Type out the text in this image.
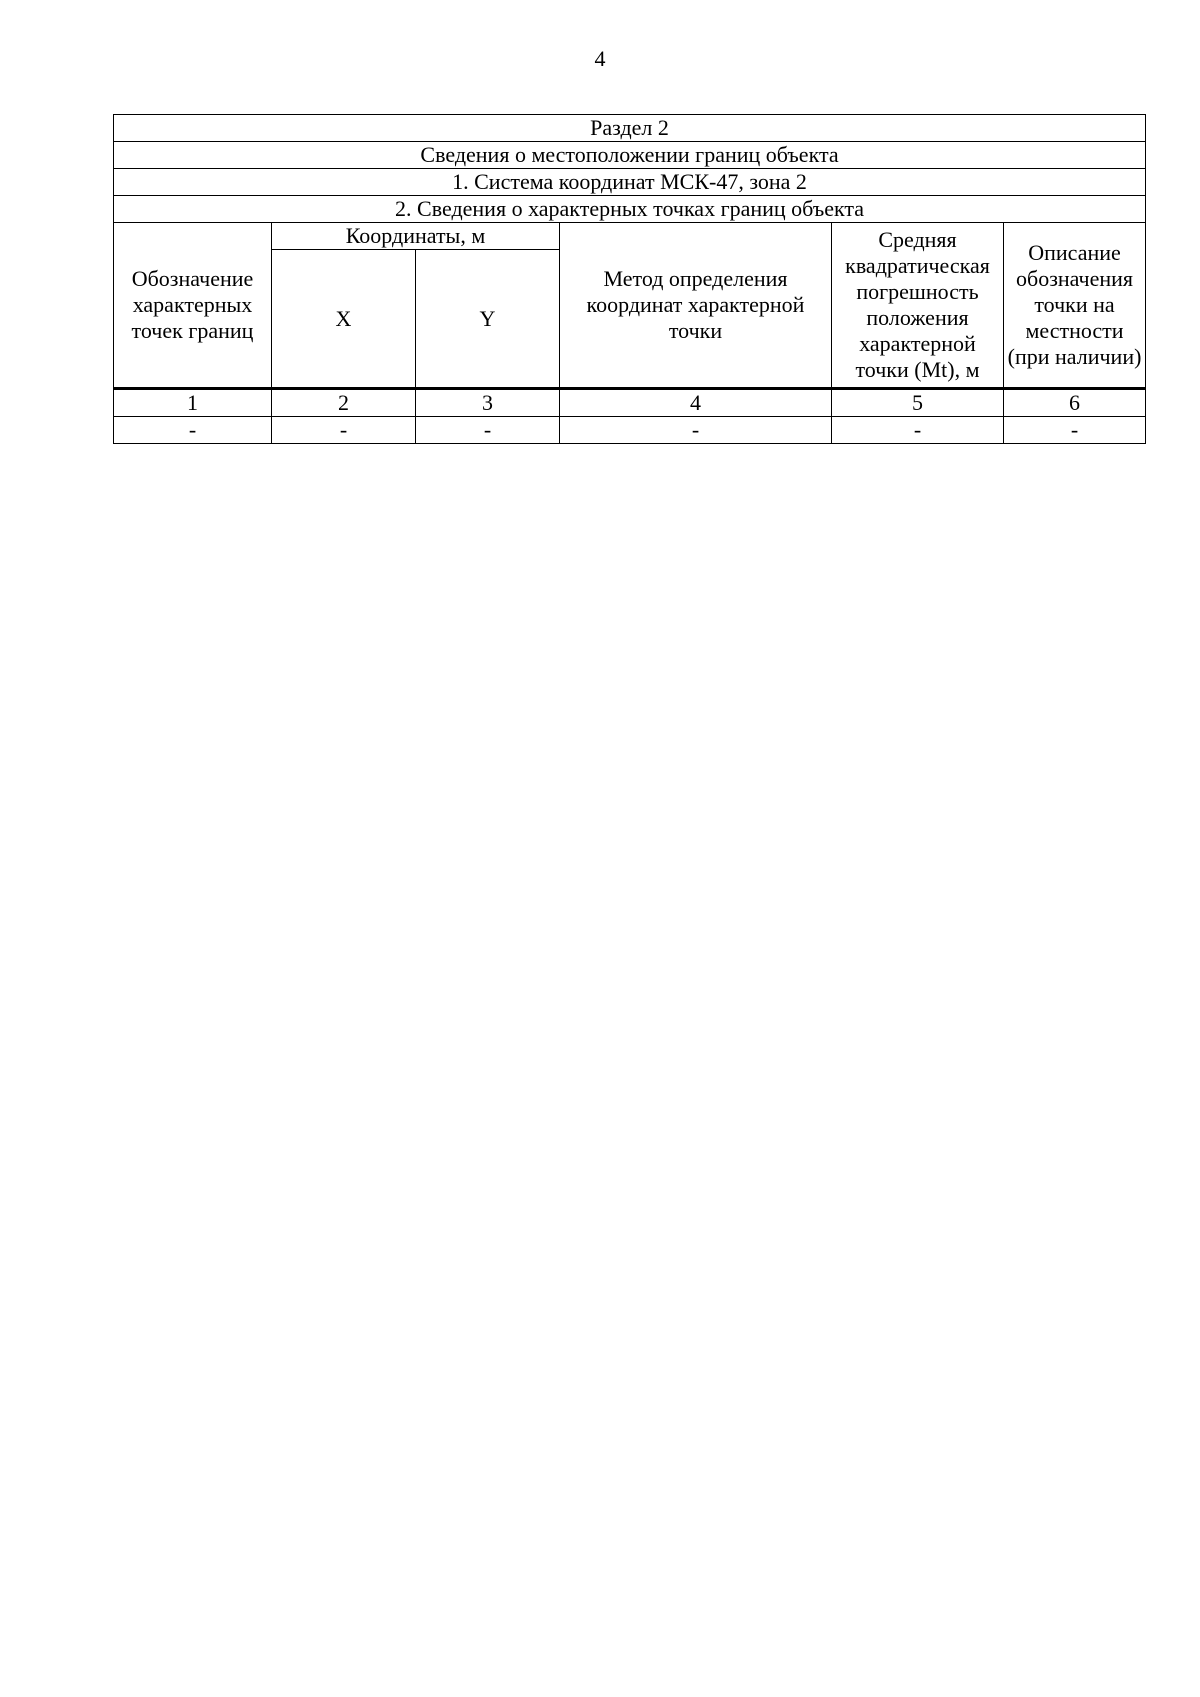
4
Раздел 2					
Сведения о местоположении границ объекта					
1. Система координат МСК-47, зона 2					
2. Сведения о характерных точках границ объекта					
Обозначение характерных точек границ	Координаты, м		Метод определения координат характерной точки	Средняя квадратическая погрешность положения характерной точки (Mt), м	Описание обозначения точки на местности (при наличии)
	X	Y			
1	2	3	4	5	6
-	-	-	-	-	-
